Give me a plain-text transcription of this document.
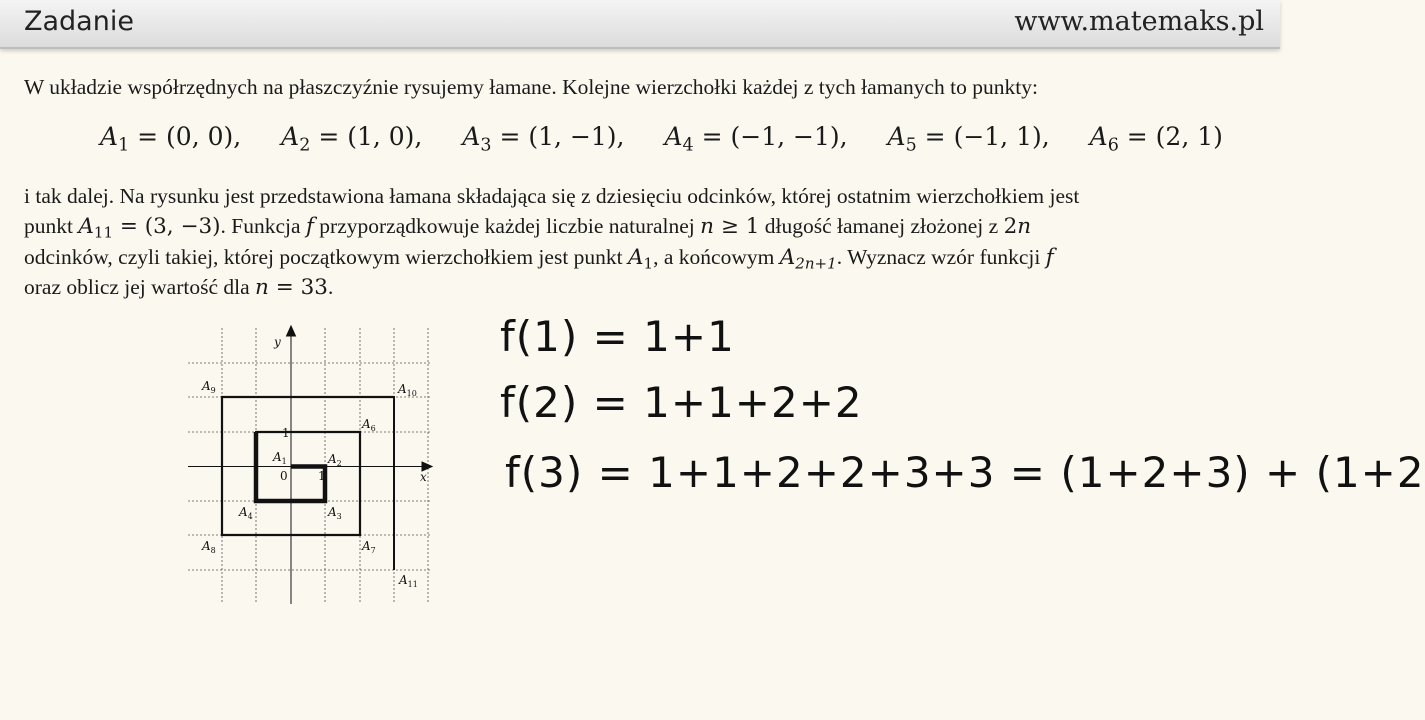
Zadanie	www.matemaks.pl
W układzie współrzędnych na płaszczyźnie rysujemy łamane. Kolejne wierzchołki każdej z tych łamanych to punkty:
$A_1 = (0$, 0), $A_2 = (1$, 0), $A_3 = (1$, −1), $A_4 = (-1$, −1), $A_5 = (-1$, 1), $A_6 = (2$, 1)
i tak dalej. Na rysunku jest przedstawiona łamana składająca się z dziesięciu odcinków, której ostatnim wierzchołkiem jest
punkt $A_{11} = (3$, −3). Funkcja f przyporządkowuje każdej liczbie naturalnej n ≥ 1 długość łamanej złożonej z 2n
odcinków, czyli takiej, której początkowym wierzchołkiem jest punkt $A_1$, a końcowym $A_{2n+1}$. Wyznacz wzór funkcji f
oraz oblicz jej wartość dla n = 33.
y
x
0	1
1
$A_1$	$A_2$
$A_3$
$A_4$
$A_6$
$A_7$
$A_8$
$A_9$	$A_{10}$
$A_{11}$
f(1) = 1+1
f(2) = 1+1+2+2
f(3) = 1+1+2+2+3+3 = (1+2+3) + (1+2
